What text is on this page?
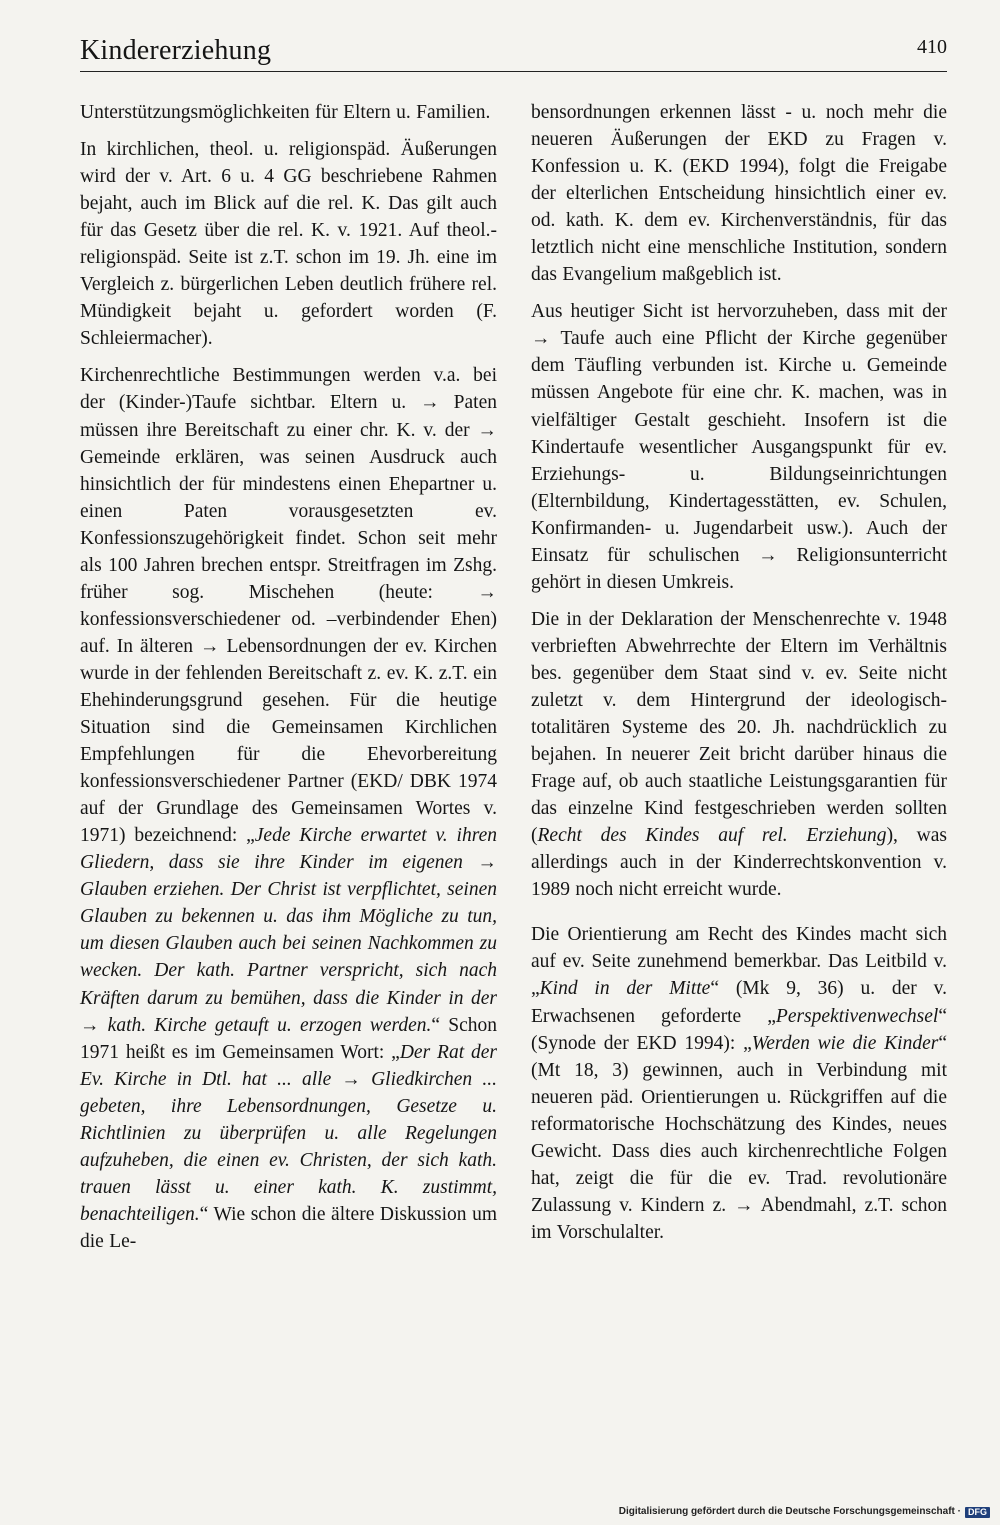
Kindererziehung	410

Unterstützungsmöglichkeiten für Eltern u. Familien.

In kirchlichen, theol. u. religionspäd. Äußerungen wird der v. Art. 6 u. 4 GG beschriebene Rahmen bejaht, auch im Blick auf die rel. K. Das gilt auch für das Gesetz über die rel. K. v. 1921. Auf theol.-religionspäd. Seite ist z.T. schon im 19. Jh. eine im Vergleich z. bürgerlichen Leben deutlich frühere rel. Mündigkeit bejaht u. gefordert worden (F. Schleiermacher).

Kirchenrechtliche Bestimmungen werden v.a. bei der (Kinder-)Taufe sichtbar. Eltern u. → Paten müssen ihre Bereitschaft zu einer chr. K. v. der → Gemeinde erklären, was seinen Ausdruck auch hinsichtlich der für mindestens einen Ehepartner u. einen Paten vorausgesetzten ev. Konfessionszugehörigkeit findet. Schon seit mehr als 100 Jahren brechen entspr. Streitfragen im Zshg. früher sog. Mischehen (heute: → konfessionsverschiedener od. –verbindender Ehen) auf. In älteren → Lebensordnungen der ev. Kirchen wurde in der fehlenden Bereitschaft z. ev. K. z.T. ein Ehehinderungsgrund gesehen. Für die heutige Situation sind die Gemeinsamen Kirchlichen Empfehlungen für die Ehevorbereitung konfessionsverschiedener Partner (EKD/ DBK 1974 auf der Grundlage des Gemeinsamen Wortes v. 1971) bezeichnend: „Jede Kirche erwartet v. ihren Gliedern, dass sie ihre Kinder im eigenen → Glauben erziehen. Der Christ ist verpflichtet, seinen Glauben zu bekennen u. das ihm Mögliche zu tun, um diesen Glauben auch bei seinen Nachkommen zu wecken. Der kath. Partner verspricht, sich nach Kräften darum zu bemühen, dass die Kinder in der → kath. Kirche getauft u. erzogen werden.“ Schon 1971 heißt es im Gemeinsamen Wort: „Der Rat der Ev. Kirche in Dtl. hat ... alle → Gliedkirchen ... gebeten, ihre Lebensordnungen, Gesetze u. Richtlinien zu überprüfen u. alle Regelungen aufzuheben, die einen ev. Christen, der sich kath. trauen lässt u. einer kath. K. zustimmt, benachteiligen.“ Wie schon die ältere Diskussion um die Le-

bensordnungen erkennen lässt - u. noch mehr die neueren Äußerungen der EKD zu Fragen v. Konfession u. K. (EKD 1994), folgt die Freigabe der elterlichen Entscheidung hinsichtlich einer ev. od. kath. K. dem ev. Kirchenverständnis, für das letztlich nicht eine menschliche Institution, sondern das Evangelium maßgeblich ist.

Aus heutiger Sicht ist hervorzuheben, dass mit der → Taufe auch eine Pflicht der Kirche gegenüber dem Täufling verbunden ist. Kirche u. Gemeinde müssen Angebote für eine chr. K. machen, was in vielfältiger Gestalt geschieht. Insofern ist die Kindertaufe wesentlicher Ausgangspunkt für ev. Erziehungs- u. Bildungseinrichtungen (Elternbildung, Kindertagesstätten, ev. Schulen, Konfirmanden- u. Jugendarbeit usw.). Auch der Einsatz für schulischen → Religionsunterricht gehört in diesen Umkreis.

Die in der Deklaration der Menschenrechte v. 1948 verbrieften Abwehrrechte der Eltern im Verhältnis bes. gegenüber dem Staat sind v. ev. Seite nicht zuletzt v. dem Hintergrund der ideologisch-totalitären Systeme des 20. Jh. nachdrücklich zu bejahen. In neuerer Zeit bricht darüber hinaus die Frage auf, ob auch staatliche Leistungsgarantien für das einzelne Kind festgeschrieben werden sollten (Recht des Kindes auf rel. Erziehung), was allerdings auch in der Kinderrechtskonvention v. 1989 noch nicht erreicht wurde.

Die Orientierung am Recht des Kindes macht sich auf ev. Seite zunehmend bemerkbar. Das Leitbild v. „Kind in der Mitte“ (Mk 9, 36) u. der v. Erwachsenen geforderte „Perspektivenwechsel“ (Synode der EKD 1994): „Werden wie die Kinder“ (Mt 18, 3) gewinnen, auch in Verbindung mit neueren päd. Orientierungen u. Rückgriffen auf die reformatorische Hochschätzung des Kindes, neues Gewicht. Dass dies auch kirchenrechtliche Folgen hat, zeigt die für die ev. Trad. revolutionäre Zulassung v. Kindern z. → Abendmahl, z.T. schon im Vorschulalter.

Digitalisierung gefördert durch die Deutsche Forschungsgemeinschaft · DFG
